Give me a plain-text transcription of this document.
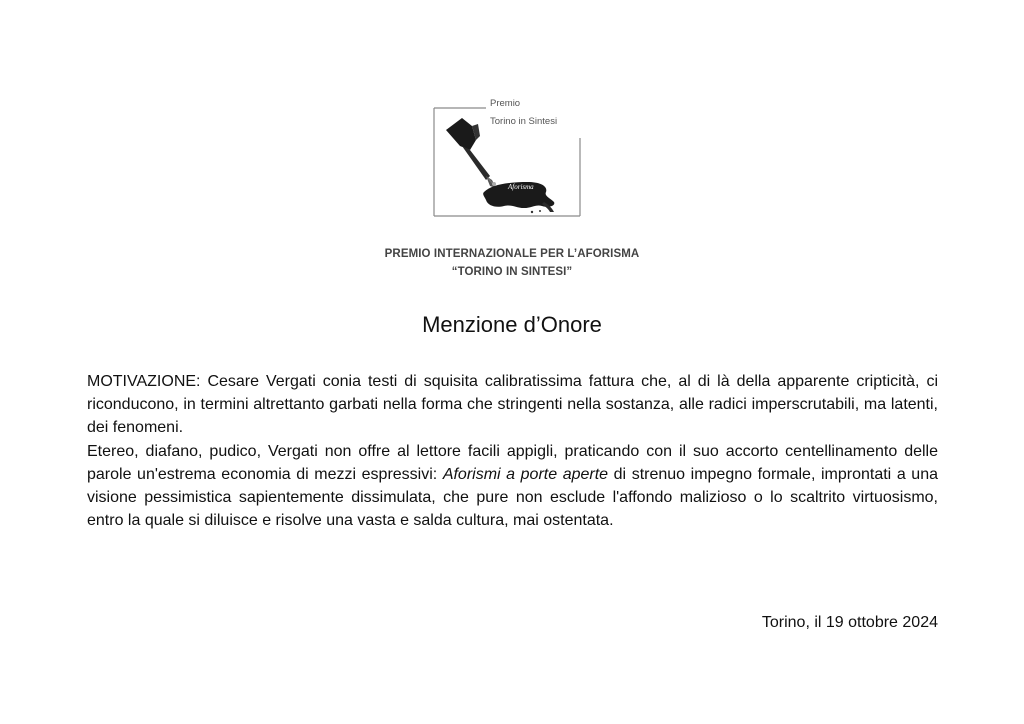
Premio
Torino in Sintesi
Aforisma
PREMIO INTERNAZIONALE PER L’AFORISMA
“TORINO IN SINTESI”
Menzione d’Onore

MOTIVAZIONE: Cesare Vergati conia testi di squisita calibratissima fattura che, al di là della apparente cripticità, ci riconducono, in termini altrettanto garbati nella forma che stringenti nella sostanza, alle radici imperscrutabili, ma latenti, dei fenomeni.

Etereo, diafano, pudico, Vergati non offre al lettore facili appigli, praticando con il suo accorto centellinamento delle parole un'estrema economia di mezzi espressivi: Aforismi a porte aperte di strenuo impegno formale, improntati a una visione pessimistica sapientemente dissimulata, che pure non esclude l'affondo malizioso o lo scaltrito virtuosismo, entro la quale si diluisce e risolve una vasta e salda cultura, mai ostentata.

Torino, il 19 ottobre 2024
